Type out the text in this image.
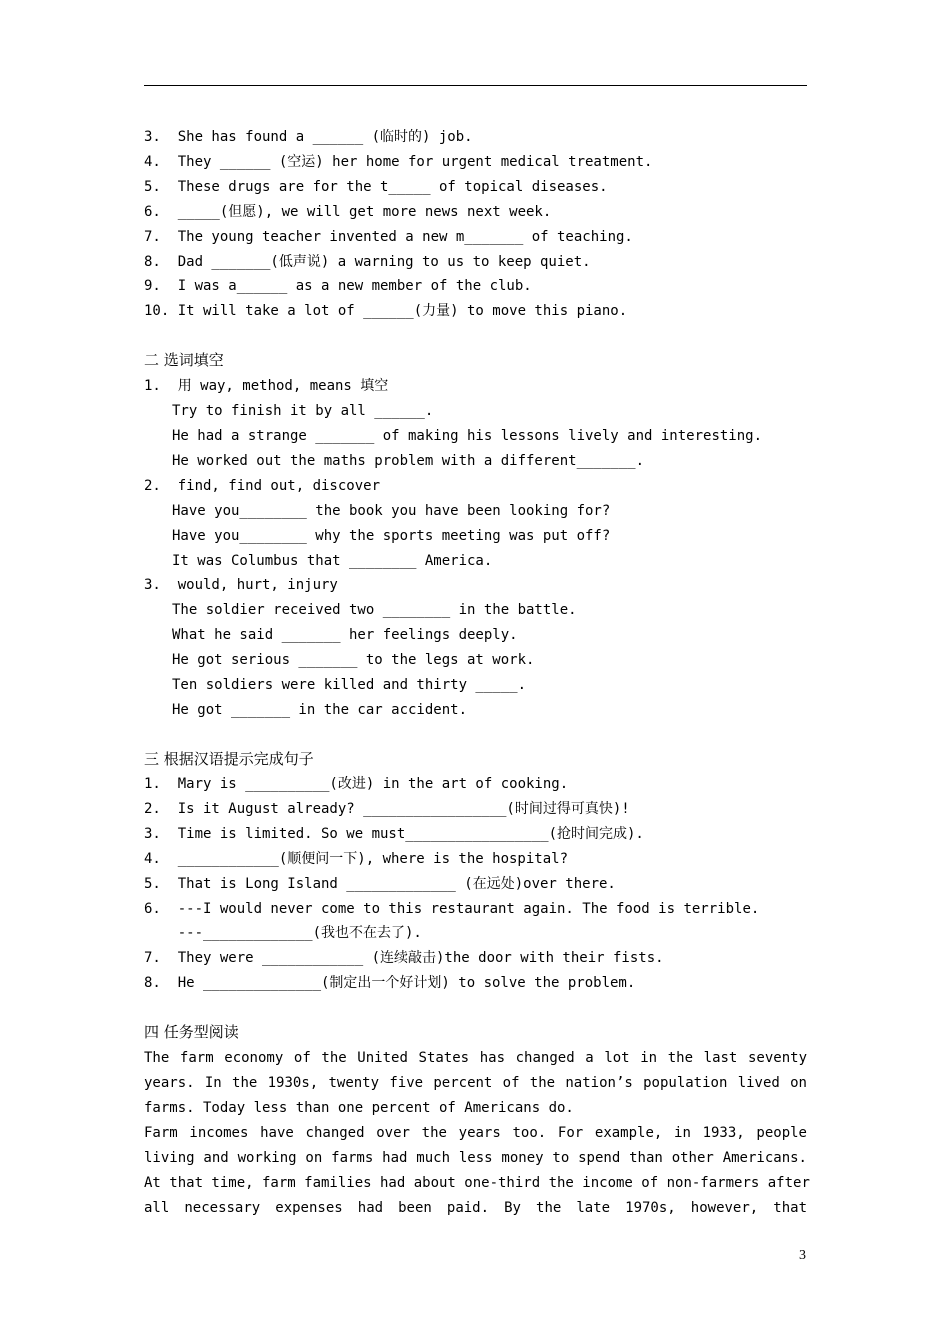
3.  She has found a ______ (临时的) job.
4.  They ______ (空运) her home for urgent medical treatment.
5.  These drugs are for the t_____ of topical diseases.
6.  _____(但愿), we will get more news next week.
7.  The young teacher invented a new m_______ of teaching.
8.  Dad _______(低声说) a warning to us to keep quiet.
9.  I was a______ as a new member of the club.
10. It will take a lot of ______(力量) to move this piano.
二 选词填空
1.  用 way, method, means 填空
Try to finish it by all ______.
He had a strange _______ of making his lessons lively and interesting.
He worked out the maths problem with a different_______.
2.  find, find out, discover
Have you________ the book you have been looking for?
Have you________ why the sports meeting was put off?
It was Columbus that ________ America.
3.  would, hurt, injury
The soldier received two ________ in the battle.
What he said _______ her feelings deeply.
He got serious _______ to the legs at work.
Ten soldiers were killed and thirty _____.
He got _______ in the car accident.
三 根据汉语提示完成句子
1.  Mary is __________(改进) in the art of cooking.
2.  Is it August already? _________________(时间过得可真快)!
3.  Time is limited. So we must_________________(抢时间完成).
4.  ____________(顺便问一下), where is the hospital?
5.  That is Long Island _____________ (在远处)over there.
6.  ---I would never come to this restaurant again. The food is terrible.
---_____________(我也不在去了).
7.  They were ____________ (连续敲击)the door with their fists.
8.  He ______________(制定出一个好计划) to solve the problem.
四 任务型阅读
The farm economy of the United States has changed a lot in the last seventy
years. In the 1930s, twenty five percent of the nation’s population lived on
farms. Today less than one percent of Americans do.
Farm incomes have changed over the years too. For example, in 1933, people
living and working on farms had much less money to spend than other Americans.
At that time, farm families had about one-third the income of non-farmers after
all necessary expenses had been paid. By the late 1970s, however, that
3
